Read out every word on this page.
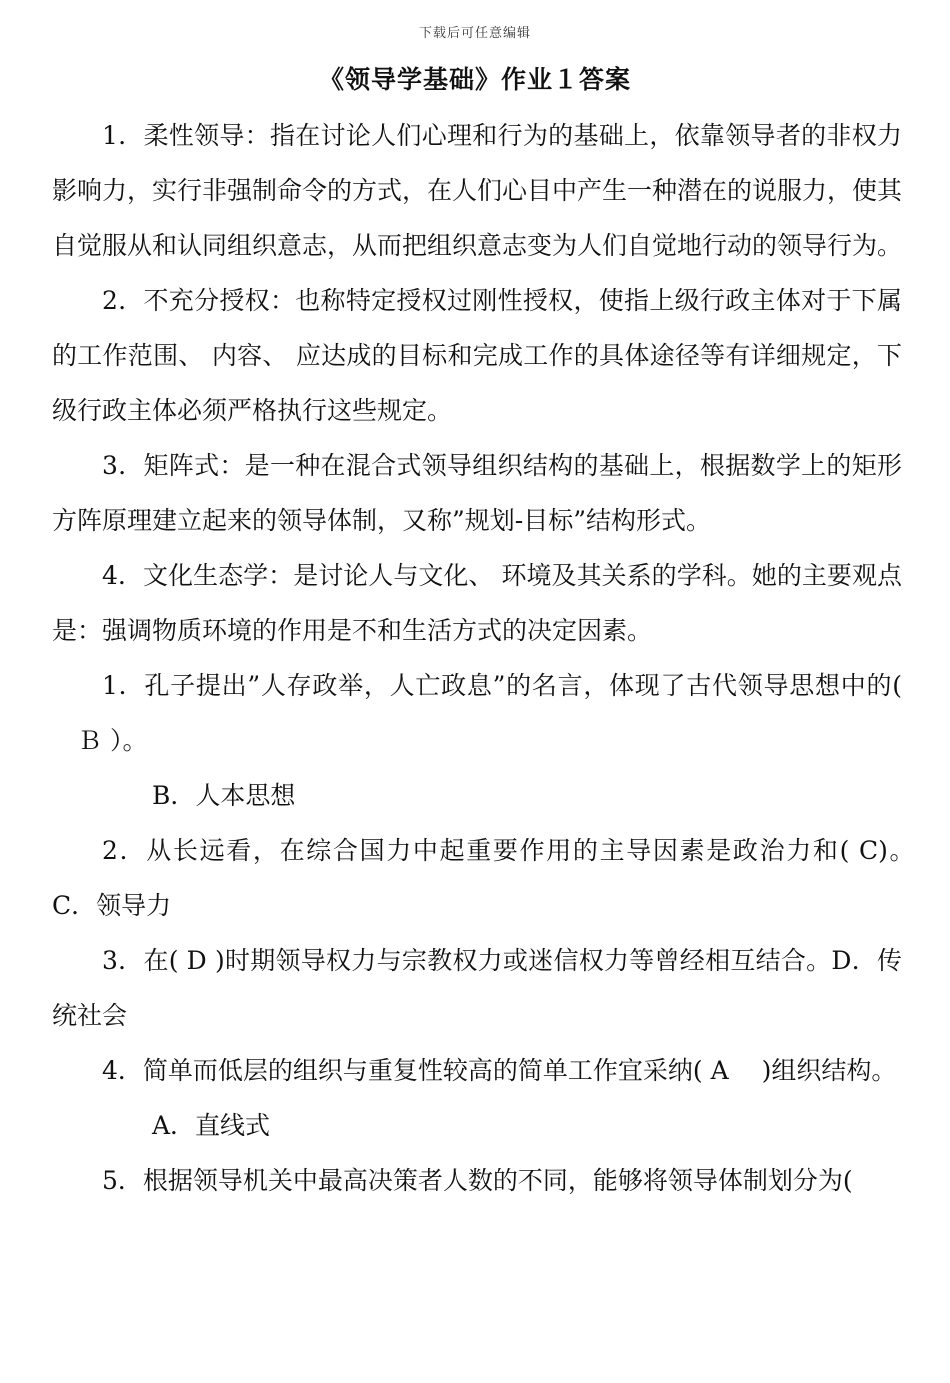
下载后可任意编辑
《领导学基础》作业１答案

1．柔性领导：指在讨论人们心理和行为的基础上，依靠领导者的非权力影响力，实行非强制命令的方式，在人们心目中产生一种潜在的说服力，使其自觉服从和认同组织意志，从而把组织意志变为人们自觉地行动的领导行为。

2．不充分授权：也称特定授权过刚性授权，使指上级行政主体对于下属的工作范围、 内容、 应达成的目标和完成工作的具体途径等有详细规定，下级行政主体必须严格执行这些规定。

3．矩阵式：是一种在混合式领导组织结构的基础上，根据数学上的矩形方阵原理建立起来的领导体制，又称”规划-目标”结构形式。

4．文化生态学：是讨论人与文化、 环境及其关系的学科。她的主要观点是：强调物质环境的作用是不和生活方式的决定因素。

1．孔子提出”人存政举，人亡政息”的名言，体现了古代领导思想中的( 　Ｂ ）。

B．人本思想

2．从长远看，在综合国力中起重要作用的主导因素是政治力和( C)。　C．领导力

3．在( D )时期领导权力与宗教权力或迷信权力等曾经相互结合。D．传统社会

4．简单而低层的组织与重复性较高的简单工作宜采纳( A 　)组织结构。

A．直线式

5．根据领导机关中最高决策者人数的不同，能够将领导体制划分为(
